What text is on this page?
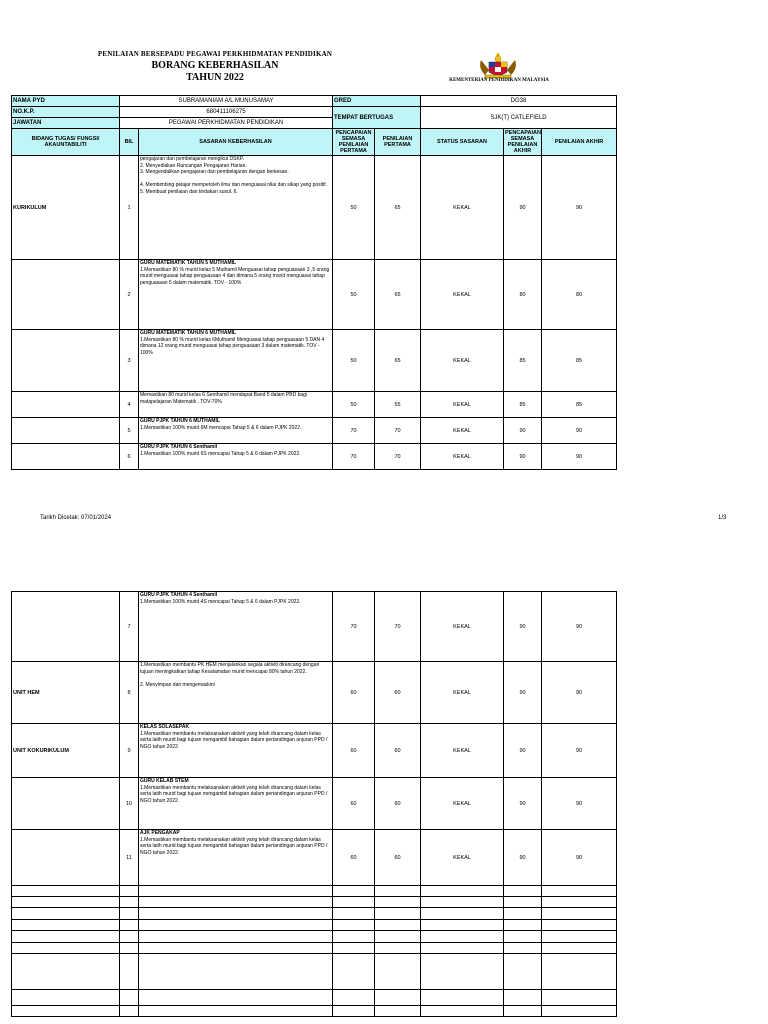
PENILAIAN BERSEPADU PEGAWAI PERKHIDMATAN PENDIDIKAN
BORANG KEBERHASILAN
TAHUN 2022	KEMENTERIAN PENDIDIKAN MALAYSIA
NAMA PYD	SUBRAMANIAM A/L MUNUSAMAY		GRED		DG38			
NO.K.P.	680411106275		TEMPAT BERTUGAS		SJK(T) CATLEFIELD			
JAWATAN	PEGAWAI PERKHIDMATAN PENDIDIKAN							
BIDANG TUGAS/ FUNGSI/ AKAUNTABILITI	BIL	SASARAN KEBERHASILAN	PENCAPAIAN SEMASA PENILAIAN PERTAMA	PENILAIAN PERTAMA	STATUS SASARAN	PENCAPAIAN SEMASA PENILAIAN AKHIR	PENILAIAN AKHIR	
KURIKULUM	1	pengajaran dan pembelajaran mengikut DSKP.
2. Menyediakan Rancangan Pengajaran Harian.
3. Mengendalikan pengajaran dan pembelajaran dengan berkesan.

4. Membimbing pelajar memperoleh ilmu dan menguasai nilai dan sikap yang positif.
5. Membuat penilaian dan tindakan susul. 6.	50	65	KEKAL	90	90	
	2	GURU MATEMATIK TAHUN 5 MUTHAMIL
1.Memastikan 80 % murid kelas 5 Muthamil Menguasai tahap penguasaan 3 ,5 orang murid menguasai tahap penguasaan 4 dan dimana 5 orang murid menguasai tahap penguasaan 5 dalam matematik. TOV - 100%	50	65	KEKAL	80	80	
	3	GURU MATEMATIK TAHUN 6 MUTHAMIL
1.Memastikan 80 % murid kelas 6Muthamil Menguasai tahap penguasaan 5 DAN 4 dimana 12 orang murid menguasai tahap penguasaan 3 dalam matematik. TOV - 100%	50	65	KEKAL	85	85	
	4	Memastikan 80 murid kelas 6 Senthamil mendapat Band 5 dalam PBD bagi matapelajaran Matematik . TOV-70%	50	55	KEKAL	85	85	
	5	GURU PJPK TAHUN 6 MUTHAMIL
1.Memastikan 100% murid 6M mencapai Tahap 5 & 6 dalam PJPK 2022.	70	70	KEKAL	90	90	
	6	GURU PJPK TAHUN 6 Senthamil
1.Memastikan 100% murid 6S mencapai Tahap 5 & 6 dalam PJPK 2022.	70	70	KEKAL	90	90	
Tarikh Dicetak: 07/01/2024	1/3
	7	GURU PJPK TAHUN 4 Senthamil
1.Memastikan 100% murid 4S mencapai Tahap 5 & 6 dalam PJPK 2022.	70	70	KEKAL	90	90	
UNIT HEM	8	1.Memastikan membantu PK HEM menjalankan segala aktiviti dirancang dengan tujuan meningkatkan tahap Kesalamatan murid mencapai 80% tahun 2022.

2. Menyimpan dan mengemaskini	60	60	KEKAL	90	90	
UNIT KOKURIKULUM	9	KELAS SOLASEPAK
1.Memastikan membantu melaksanakan aktiviti yang telah dirancang dalam kelas serta latih murid bagi tujuan mengambil bahagian dalam pertandingan anjuran PPD / NGO tahun 2022.	60	60	KEKAL	90	90	
	10	GURU KELAB STEM
1.Memastikan membantu melaksanakan aktiviti yang telah dirancang dalam kelas serta latih murid bagi tujuan mengambil bahagian dalam pertandingan anjuran PPD / NGO tahun 2022.	60	60	KEKAL	90	90	
	11	AJK PENGAKAP
1.Memastikan membantu melaksanakan aktiviti yang telah dirancang dalam kelas serta latih murid bagi tujuan mengambil bahagian dalam pertandingan anjuran PPD / NGO tahun 2022.	60	60	KEKAL	90	90	
